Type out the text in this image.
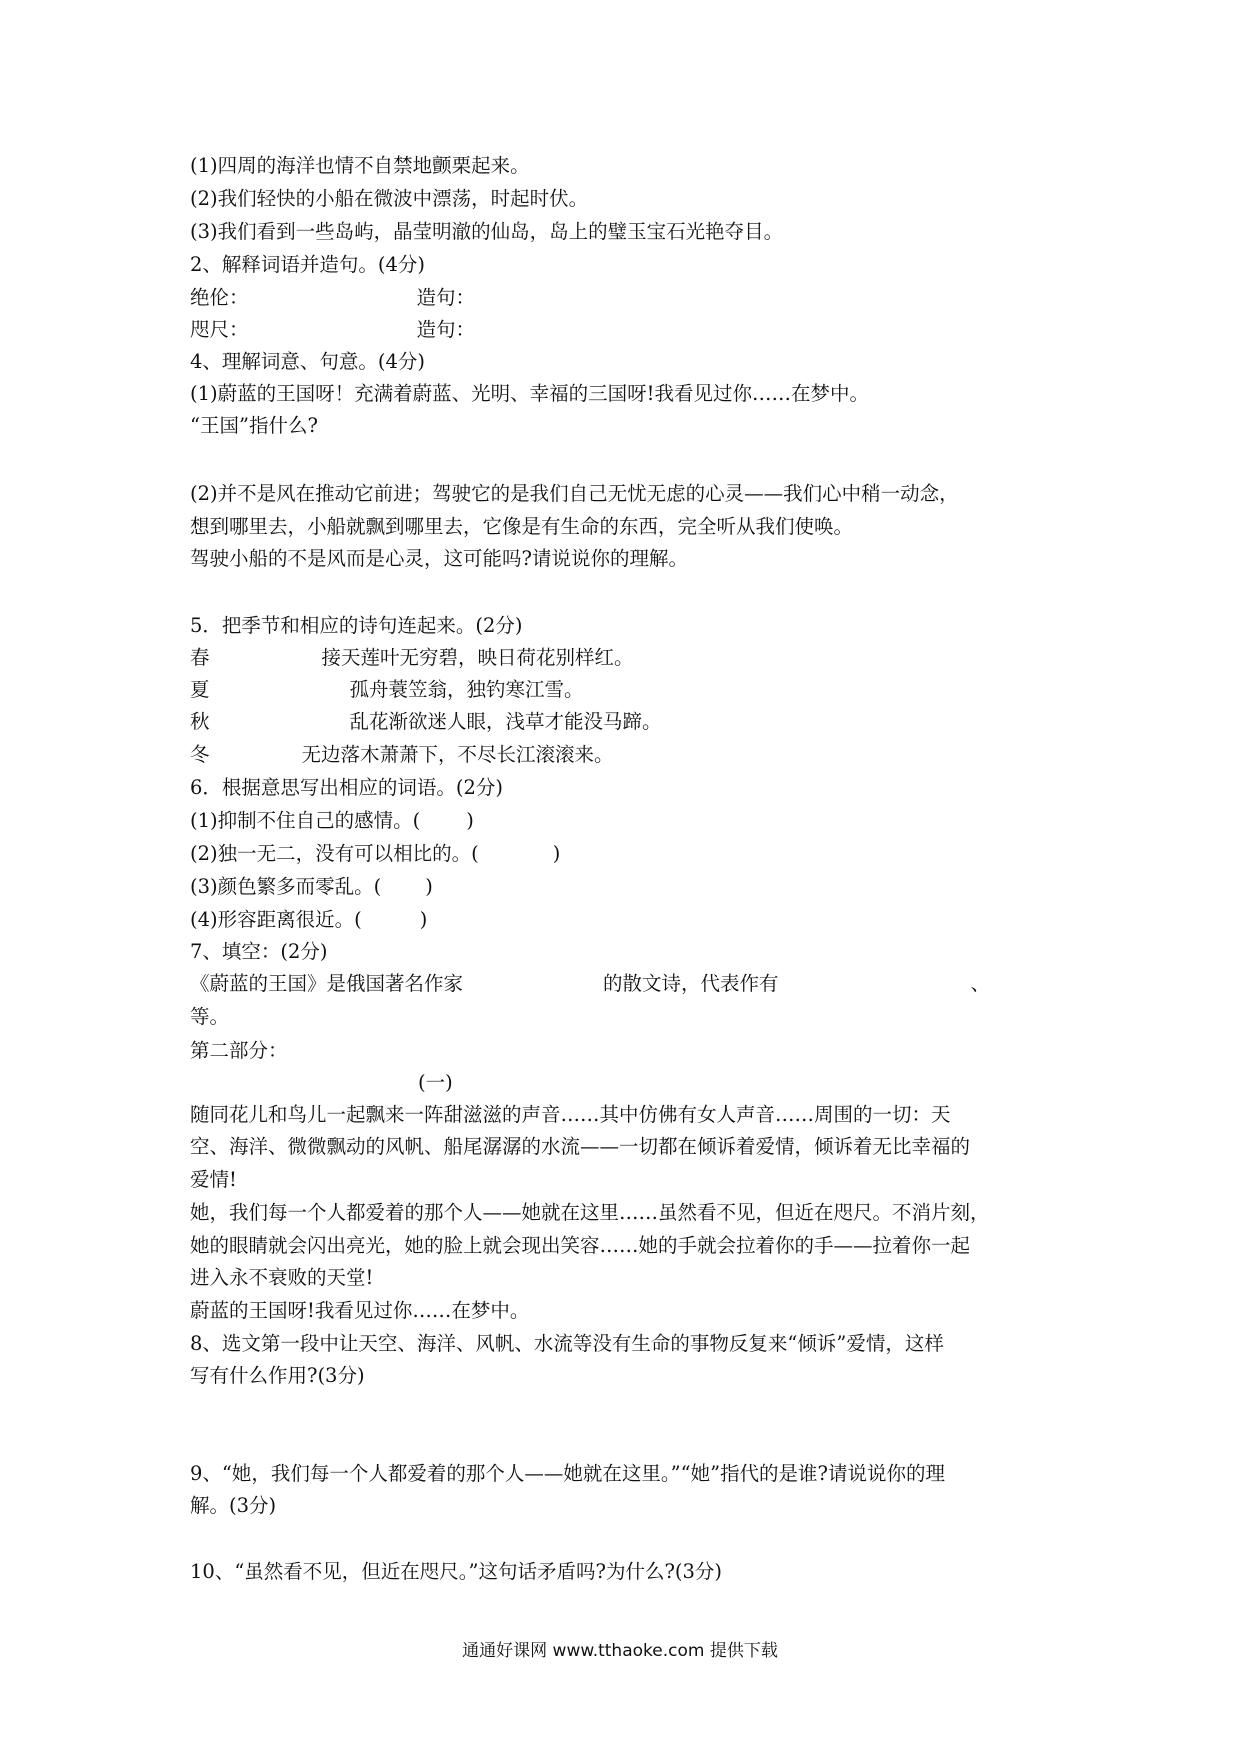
(1)四周的海洋也情不自禁地颤栗起来。
(2)我们轻快的小船在微波中漂荡，时起时伏。
(3)我们看到一些岛屿，晶莹明澈的仙岛，岛上的璧玉宝石光艳夺目。
2、解释词语并造句。(4分)
绝伦：	造句：
咫尺：	造句：
4、理解词意、句意。(4分)
(1)蔚蓝的王国呀！充满着蔚蓝、光明、幸福的三国呀!我看见过你……在梦中。
“王国”指什么?
(2)并不是风在推动它前进；驾驶它的是我们自己无忧无虑的心灵——我们心中稍一动念，
想到哪里去，小船就飘到哪里去，它像是有生命的东西，完全听从我们使唤。
驾驶小船的不是风而是心灵，这可能吗?请说说你的理解。
5．把季节和相应的诗句连起来。(2分)
春	接天莲叶无穷碧，映日荷花别样红。
夏	孤舟蓑笠翁，独钓寒江雪。
秋	乱花渐欲迷人眼，浅草才能没马蹄。
冬	无边落木萧萧下，不尽长江滚滚来。
6．根据意思写出相应的词语。(2分)
(1)抑制不住自己的感情。( )
(2)独一无二，没有可以相比的。(	)
(3)颜色繁多而零乱。( )
(4)形容距离很近。(	)
7、填空：(2分)
《蔚蓝的王国》是俄国著名作家	的散文诗，代表作有	、
等。
第二部分：
(一)
随同花儿和鸟儿一起飘来一阵甜滋滋的声音……其中仿佛有女人声音……周围的一切：天
空、海洋、微微飘动的风帆、船尾潺潺的水流——一切都在倾诉着爱情，倾诉着无比幸福的
爱情!
她，我们每一个人都爱着的那个人——她就在这里……虽然看不见，但近在咫尺。不消片刻，
她的眼睛就会闪出亮光，她的脸上就会现出笑容……她的手就会拉着你的手——拉着你一起
进入永不衰败的天堂!
蔚蓝的王国呀!我看见过你……在梦中。
8、选文第一段中让天空、海洋、风帆、水流等没有生命的事物反复来“倾诉”爱情，这样
写有什么作用?(3分)
9、“她，我们每一个人都爱着的那个人——她就在这里。”“她”指代的是谁?请说说你的理
解。(3分)
10、“虽然看不见，但近在咫尺。”这句话矛盾吗?为什么?(3分)
通通好课网 www.tthaoke.com 提供下载
